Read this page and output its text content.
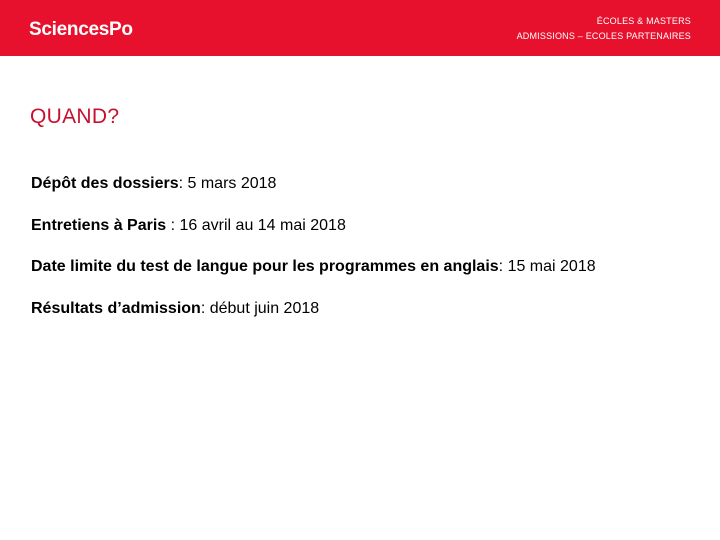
SciencesPo	ÉCOLES & MASTERS
ADMISSIONS – ECOLES PARTENAIRES
QUAND?
Dépôt des dossiers: 5 mars 2018
Entretiens à Paris : 16 avril au 14 mai 2018
Date limite du test de langue pour les programmes en anglais: 15 mai 2018
Résultats d’admission: début juin 2018
